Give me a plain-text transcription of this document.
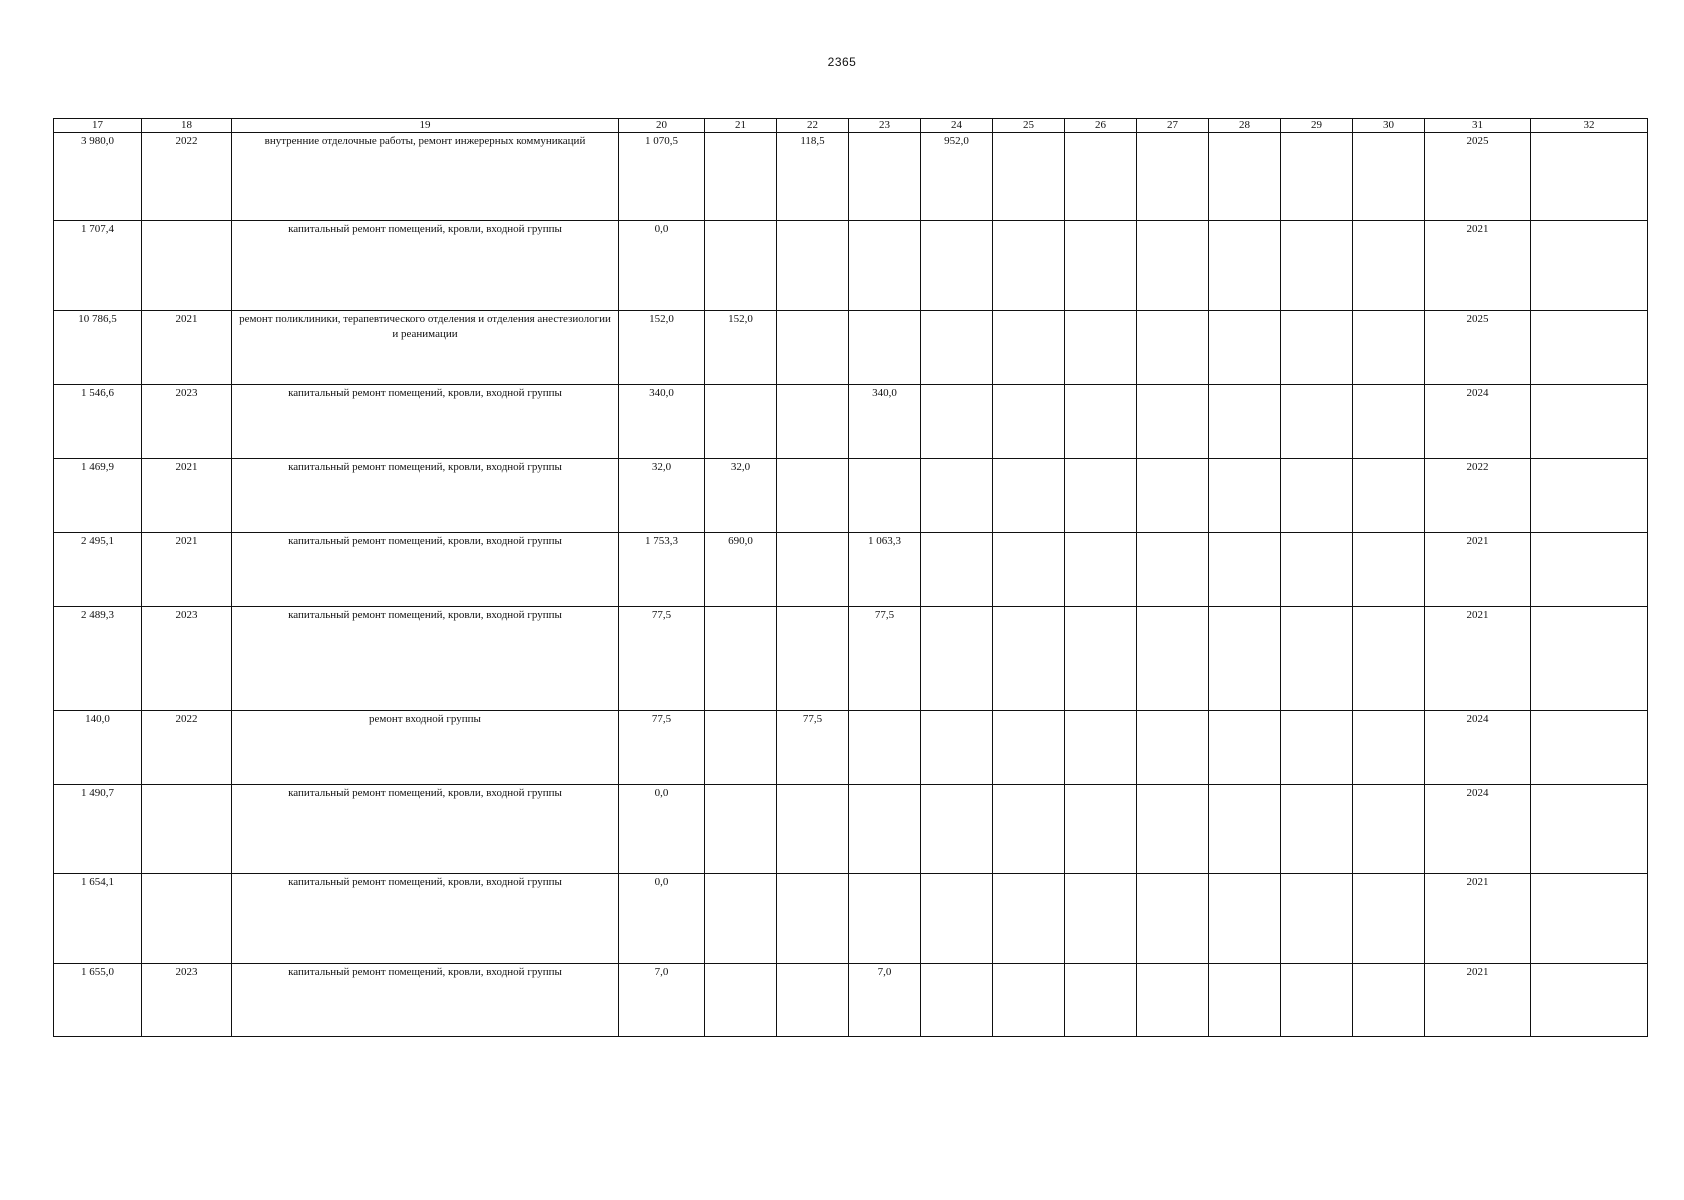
2365
17	18	19	20	21	22	23	24	25	26	27	28	29	30	31	32
3 980,0	2022	внутренние отделочные работы, ремонт инжерерных коммуникаций	1 070,5		118,5		952,0							2025	
1 707,4		капитальный ремонт помещений, кровли, входной группы	0,0											2021	
10 786,5	2021	ремонт поликлиники, терапевтического отделения и отделения анестезиологии и реанимации	152,0	152,0										2025	
1 546,6	2023	капитальный ремонт помещений, кровли, входной группы	340,0			340,0								2024	
1 469,9	2021	капитальный ремонт помещений, кровли, входной группы	32,0	32,0										2022	
2 495,1	2021	капитальный ремонт помещений, кровли, входной группы	1 753,3	690,0		1 063,3								2021	
2 489,3	2023	капитальный ремонт помещений, кровли, входной группы	77,5			77,5								2021	
140,0	2022	ремонт входной группы	77,5		77,5									2024	
1 490,7		капитальный ремонт помещений, кровли, входной группы	0,0											2024	
1 654,1		капитальный ремонт помещений, кровли, входной группы	0,0											2021	
1 655,0	2023	капитальный ремонт помещений, кровли, входной группы	7,0			7,0								2021	
